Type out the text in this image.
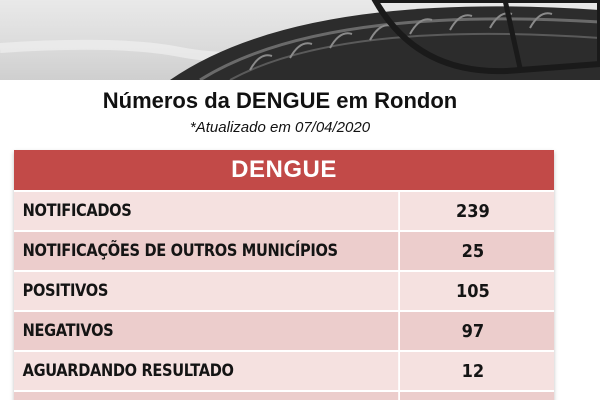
Números da DENGUE em Rondon
*Atualizado em 07/04/2020
DENGUE
NOTIFICADOS	239
NOTIFICAÇÕES DE OUTROS MUNICÍPIOS	25
POSITIVOS	105
NEGATIVOS	97
AGUARDANDO RESULTADO	12
